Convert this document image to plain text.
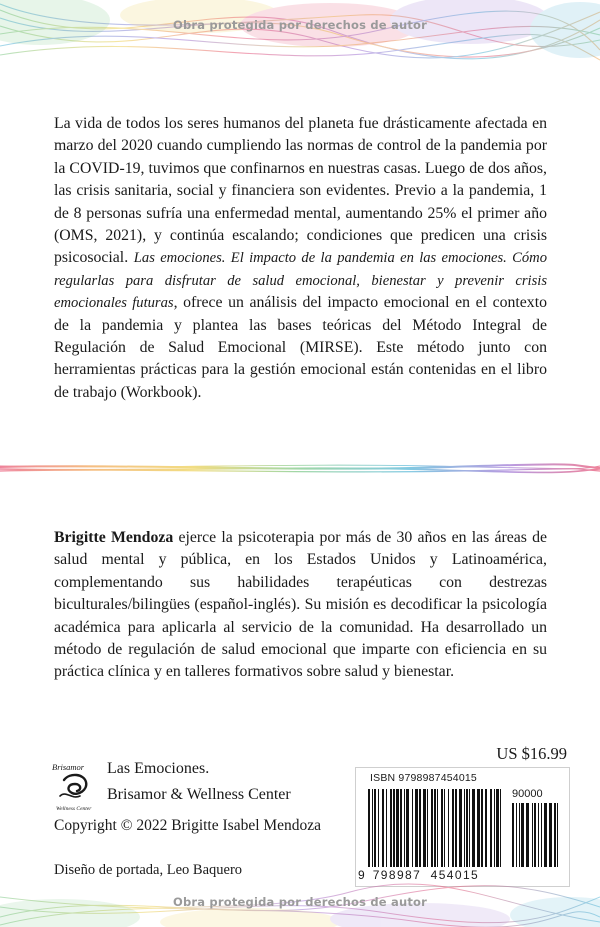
Obra protegida por derechos de autor

La vida de todos los seres humanos del planeta fue drásticamente afectada en marzo del 2020 cuando cumpliendo las normas de control de la pandemia por la COVID-19, tuvimos que confinarnos en nuestras casas. Luego de dos años, las crisis sanitaria, social y financiera son evidentes. Previo a la pandemia, 1 de 8 personas sufría una enfermedad mental, aumentando 25% el primer año (OMS, 2021), y continúa escalando; condiciones que predicen una crisis psicosocial. Las emociones. El impacto de la pandemia en las emociones. Cómo regularlas para disfrutar de salud emocional, bienestar y prevenir crisis emocionales futuras, ofrece un análisis del impacto emocional en el contexto de la pandemia y plantea las bases teóricas del Método Integral de Regulación de Salud Emocional (MIRSE). Este método junto con herramientas prácticas para la gestión emocional están contenidas en el libro de trabajo (Workbook).

Brigitte Mendoza ejerce la psicoterapia por más de 30 años en las áreas de salud mental y pública, en los Estados Unidos y Latinoamérica, complementando sus habilidades terapéuticas con destrezas biculturales/bilingües (español-inglés). Su misión es decodificar la psicología académica para aplicarla al servicio de la comunidad. Ha desarrollado un método de regulación de salud emocional que imparte con eficiencia en su práctica clínica y en talleres formativos sobre salud y bienestar.

Brisamor
Wellness Center
Las Emociones.
Brisamor & Wellness Center
Copyright © 2022 Brigitte Isabel Mendoza
Diseño de portada, Leo Baquero
US $16.99
ISBN 9798987454015
90000
9 798987 454015
Obra protegida por derechos de autor
